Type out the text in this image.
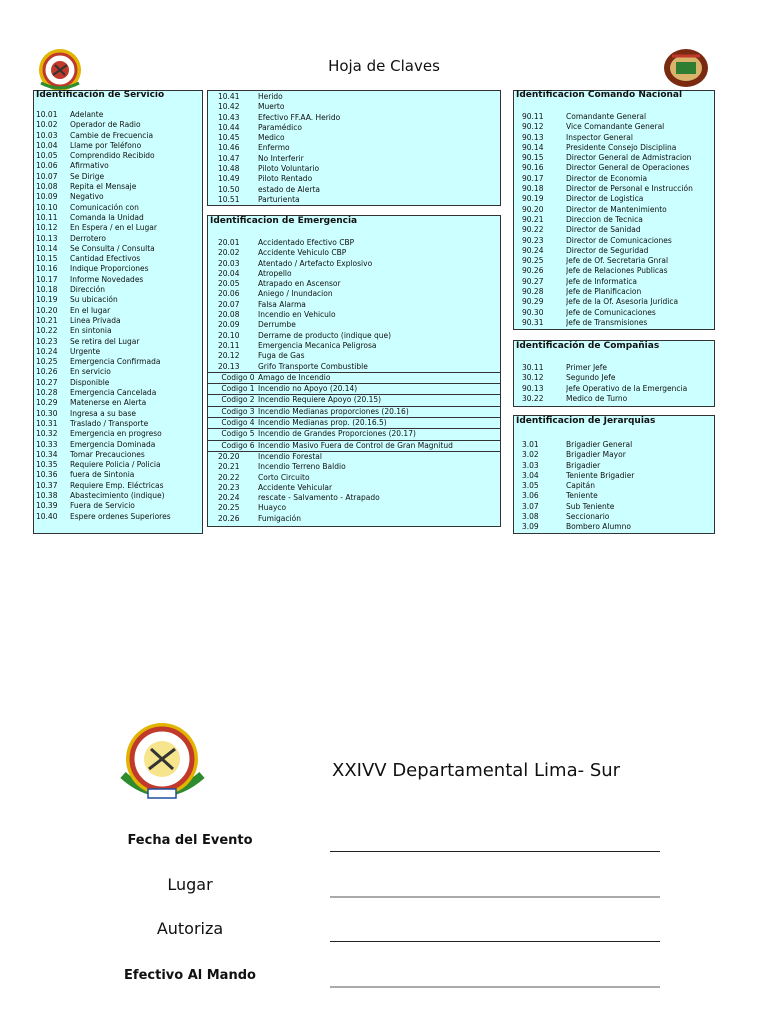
Hoja de Claves
Identificación de Servicio
10.01	Adelante
10.02	Operador de Radio
10.03	Cambie de Frecuencia
10.04	Llame por Teléfono
10.05	Comprendido Recibido
10.06	Afirmativo
10.07	Se Dirige
10.08	Repita el Mensaje
10.09	Negativo
10.10	Comunicación con
10.11	Comanda la Unidad
10.12	En Espera / en el Lugar
10.13	Derrotero
10.14	Se Consulta / Consulta
10.15	Cantidad Efectivos
10.16	Indique Proporciones
10.17	Informe Novedades
10.18	Dirección
10.19	Su ubicación
10.20	En el lugar
10.21	Linea Privada
10.22	En sintonia
10.23	Se retira del Lugar
10.24	Urgente
10.25	Emergencia Confirmada
10.26	En servicio
10.27	Disponible
10.28	Emergencia Cancelada
10.29	Matenerse en Alerta
10.30	Ingresa a su base
10.31	Traslado / Transporte
10.32	Emergencia en progreso
10.33	Emergencia Dominada
10.34	Tomar Precauciones
10.35	Requiere Policia / Policia
10.36	fuera de Sintonia
10.37	Requiere Emp. Eléctricas
10.38	Abastecimiento (indique)
10.39	Fuera de Servicio
10.40	Espere ordenes Superiores
10.41	Herido
10.42	Muerto
10.43	Efectivo FF.AA. Herido
10.44	Paramédico
10.45	Medico
10.46	Enfermo
10.47	No Interferir
10.48	Piloto Voluntario
10.49	Piloto Rentado
10.50	estado de Alerta
10.51	Parturienta
Identificacion de Emergencia
20.01	Accidentado Efectivo CBP
20.02	Accidente Vehiculo CBP
20.03	Atentado / Artefacto Explosivo
20.04	Atropello
20.05	Atrapado en Ascensor
20.06	Aniego / Inundacion
20.07	Falsa Alarma
20.08	Incendio en Vehiculo
20.09	Derrumbe
20.10	Derrame de producto (indique que)
20.11	Emergencia Mecanica Peligrosa
20.12	Fuga de Gas
20.13	Grifo Transporte Combustible
Codigo 0 Amago de Incendio
Codigo 1 Incendio no Apoyo (20.14)
Codigo 2 Incendio Requiere Apoyo (20.15)
Codigo 3 Incendio Medianas proporciones (20.16)
Codigo 4 Incendio Medianas prop. (20.16.5)
Codigo 5 Incendio de Grandes Proporciones (20.17)
Codigo 6 Incendio Masivo Fuera de Control de Gran Magnitud
20.20	Incendio Forestal
20.21	Incendio Terreno Baldio
20.22	Corto Circuito
20.23	Accidente Vehicular
20.24	rescate - Salvamento - Atrapado
20.25	Huayco
20.26	Fumigación
Identificacion Comando Nacional
90.11	Comandante General
90.12	Vice Comandante General
90.13	Inspector General
90.14	Presidente Consejo Disciplina
90.15	Director General de Admistracion
90.16	Director General de Operaciones
90.17	Director de Economia
90.18	Director de Personal e Instrucción
90.19	Director de Logistica
90.20	Director de Mantenimiento
90.21	Direccion de Tecnica
90.22	Director de Sanidad
90.23	Director de Comunicaciones
90.24	Director de Seguridad
90.25	Jefe de Of. Secretaria Gnral
90.26	Jefe de Relaciones Publicas
90.27	Jefe de Informatica
90.28	Jefe de Planificacion
90.29	Jefe de la Of. Asesoria Juridica
90.30	Jefe de Comunicaciones
90.31	Jefe de Transmisiones
Identificación de Compañias
30.11	Primer Jefe
30.12	Segundo Jefe
90.13	Jefe Operativo de la Emergencia
30.22	Medico de Turno
Identificacion de Jerarquias
3.01	Brigadier General
3.02	Brigadier Mayor
3.03	Brigadier
3.04	Teniente Brigadier
3.05	Capitán
3.06	Teniente
3.07	Sub Teniente
3.08	Seccionario
3.09	Bombero Alumno
XXIVV Departamental Lima- Sur
Fecha del Evento
Lugar
Autoriza
Efectivo Al Mando
